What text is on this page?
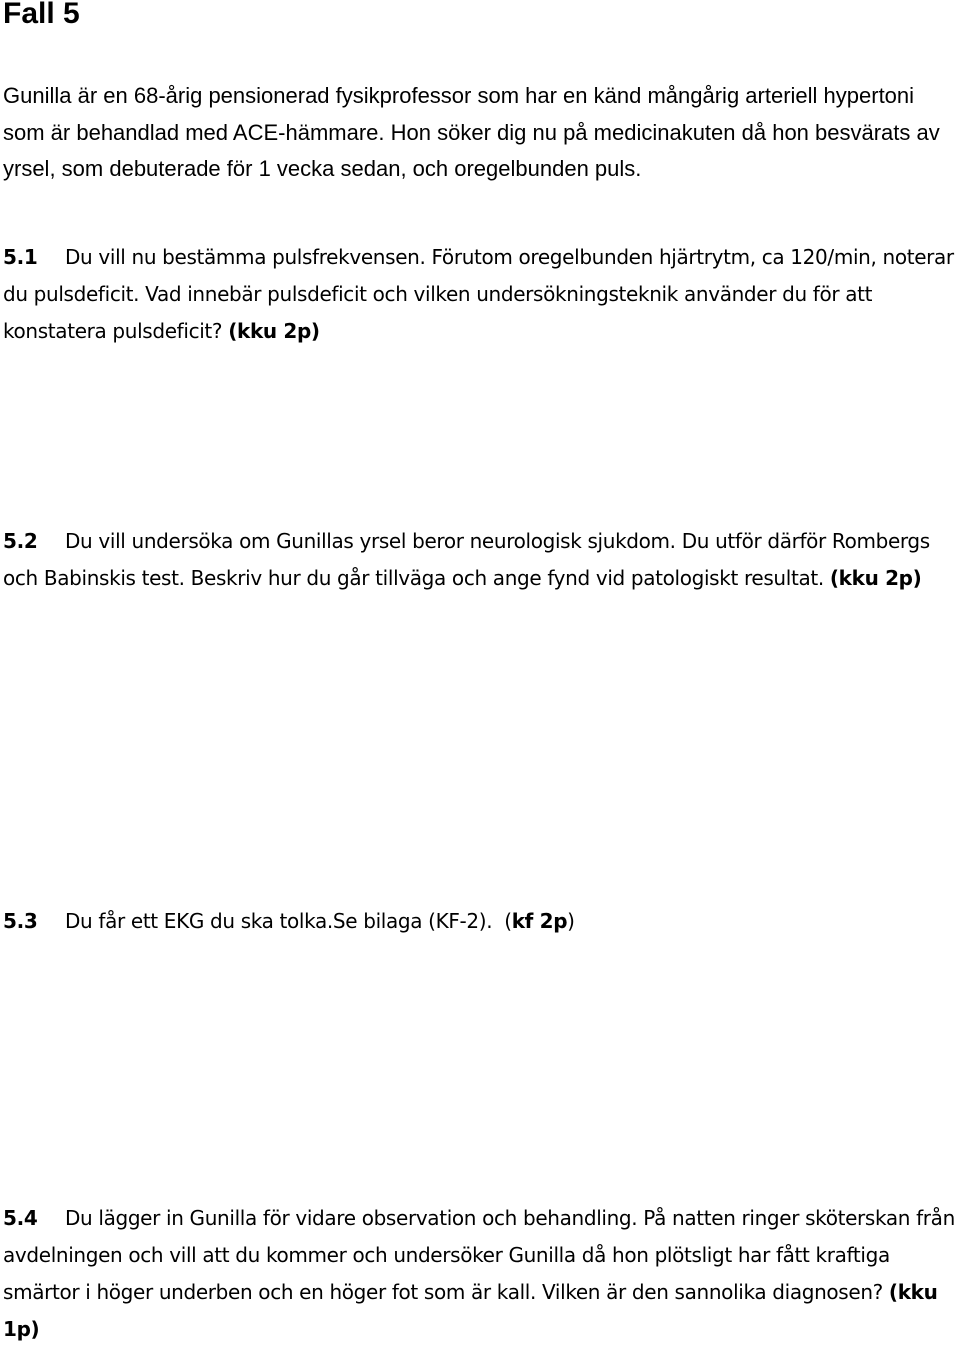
Fall 5
Gunilla är en 68-årig pensionerad fysikprofessor som har en känd mångårig arteriell hypertoni som är behandlad med ACE-hämmare. Hon söker dig nu på medicinakuten då hon besvärats av yrsel, som debuterade för 1 vecka sedan, och oregelbunden puls.
5.1 Du vill nu bestämma pulsfrekvensen. Förutom oregelbunden hjärtrytm, ca 120/min, noterar du pulsdeficit. Vad innebär pulsdeficit och vilken undersökningsteknik använder du för att konstatera pulsdeficit? (kku 2p)
5.2 Du vill undersöka om Gunillas yrsel beror neurologisk sjukdom. Du utför därför Rombergs och Babinskis test. Beskriv hur du går tillväga och ange fynd vid patologiskt resultat. (kku 2p)
5.3 Du får ett EKG du ska tolka.Se bilaga (KF-2). (kf 2p)
5.4 Du lägger in Gunilla för vidare observation och behandling. På natten ringer sköterskan från avdelningen och vill att du kommer och undersöker Gunilla då hon plötsligt har fått kraftiga smärtor i höger underben och en höger fot som är kall. Vilken är den sannolika diagnosen? (kku 1p)
